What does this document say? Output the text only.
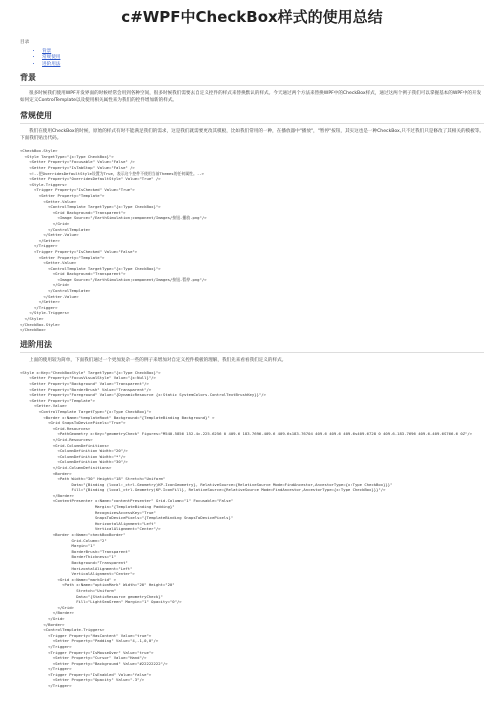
c#WPF中CheckBox样式的使用总结
目录
• 背景
• 常规使用
• 进阶用法
背景

很多时候我们使用WPF开发界面的时候经常会用到各种空间，很多时候我们需要去自定义控件的样式来替换默认的样式。今天通过两个方法来替换WPF中的CheckBox样式，通过这两个例子我们可以掌握基本的WPF中的开发如何定义ControlTemplate以及使用相关属性来为我们的控件增加新的样式。

常规使用

我们在使用CheckBox的时候，原始的样式有时不能满足我们的需求，这是我们就需要更改其模板，比如我们常用的一种，在播放器中"播放"，"暂停"按钮，其实这也是一种CheckBox,只不过我们只是修改了其相关的模板等。下面我们贴出代码。

<CheckBox.Style>
<Style TargetType="{x:Type CheckBox}">
<Setter Property="Focusable" Value="False" />
<Setter Property="IsTabStop" Value="False" />
<!--把OverridesDefaultStyle设置为True，表示这个控件不使用当前Themes的任何属性。-->
<Setter Property="OverridesDefaultStyle" Value="True" />
<Style.Triggers>
<Trigger Property="IsChecked" Value="True">
<Setter Property="Template">
<Setter.Value>
<ControlTemplate TargetType="{x:Type CheckBox}">
<Grid Background="Transparent">
<Image Source="/EarthSimulation;component/Images/按钮-播放.png"/>
</Grid>
</ControlTemplate>
</Setter.Value>
</Setter>
</Trigger>
<Trigger Property="IsChecked" Value="False">
<Setter Property="Template">
<Setter.Value>
<ControlTemplate TargetType="{x:Type CheckBox}">
<Grid Background="Transparent">
<Image Source="/EarthSimulation;component/Images/按钮-暂停.png"/>
</Grid>
</ControlTemplate>
</Setter.Value>
</Setter>
</Trigger>
</Style.Triggers>
</Style>
</CheckBox.Style>
</CheckBox>
进阶用法

上面的使用较为简单，下面我们通过一个更加复杂一些的例子来增加对自定义控件模板的理解，我们先来看看我们定义的样式。

<Style x:Key="CheckBoxStyle" TargetType="{x:Type CheckBox}">
<Setter Property="FocusVisualStyle" Value="{x:Null}"/>
<Setter Property="Background" Value="Transparent"/>
<Setter Property="BorderBrush" Value="Transparent"/>
<Setter Property="Foreground" Value="{DynamicResource {x:Static SystemColors.ControlTextBrushKey}}"/>
<Setter Property="Template">
<Setter.Value>
<ControlTemplate TargetType="{x:Type CheckBox}">
<Border x:Name="templateRoot" Background="{TemplateBinding Background}" >
<Grid SnapsToDevicePixels="True">
<Grid.Resources>
<PathGeometry x:Key="geometryCheck" Figures="M540.5856 152.4c-225.6256 0 409.6 183.7696-409.6 409.6s183.76704 409.6 409.6 409.6s409.6728 0 409.6-183.7696 409.6-409.6S766.6 0Z"/>
</Grid.Resources>
<Grid.ColumnDefinitions>
<ColumnDefinition Width="20"/>
<ColumnDefinition Width="*"/>
<ColumnDefinition Width="30"/>
</Grid.ColumnDefinitions>
<Border>
<Path Width="30" Height="18" Stretch="Uniform"
Data="{Binding (local:_ctrl.Geometry)KP.IconGeometry}, RelativeSource={RelativeSource Mode=FindAncestor,AncestorType={x:Type CheckBox}}}"
Fill="{Binding (local_ctrl.Geometry)KP.IconFill}, RelativeSource={RelativeSource Mode=FindAncestor,AncestorType={x:Type CheckBox}}}"/>
</Border>
<ContentPresenter x:Name="contentPresenter" Grid.Column="1" Focusable="False"
Margin="{TemplateBinding Padding}"
RecognizesAccessKey="True"
SnapsToDevicePixels="{TemplateBinding SnapsToDevicePixels}"
HorizontalAlignment="Left"
VerticalAlignment="Center"/>
<Border x:Name="checkBoxBorder"
Grid.Column="2"
Margin="1"
BorderBrush="Transparent"
BorderThickness="1"
Background="Transparent"
HorizontalAlignment="Left"
VerticalAlignment="Center">
<Grid x:Name="markGrid" >
<Path x:Name="optionMark" Width="20" Height="20"
Stretch="Uniform"
Data="{StaticResource geometryCheck}"
Fill="LightSeaGreen" Margin="1" Opacity="0"/>
</Grid>
</Border>
</Grid>
</Border>
<ControlTemplate.Triggers>
<Trigger Property="HasContent" Value="true">
<Setter Property="Padding" Value="4,-1,0,0"/>
</Trigger>
<Trigger Property="IsMouseOver" Value="true">
<Setter Property="Cursor" Value="Hand"/>
<Setter Property="Background" Value="#22222222"/>
</Trigger>
<Trigger Property="IsEnabled" Value="false">
<Setter Property="Opacity" Value=".3"/>
</Trigger>
